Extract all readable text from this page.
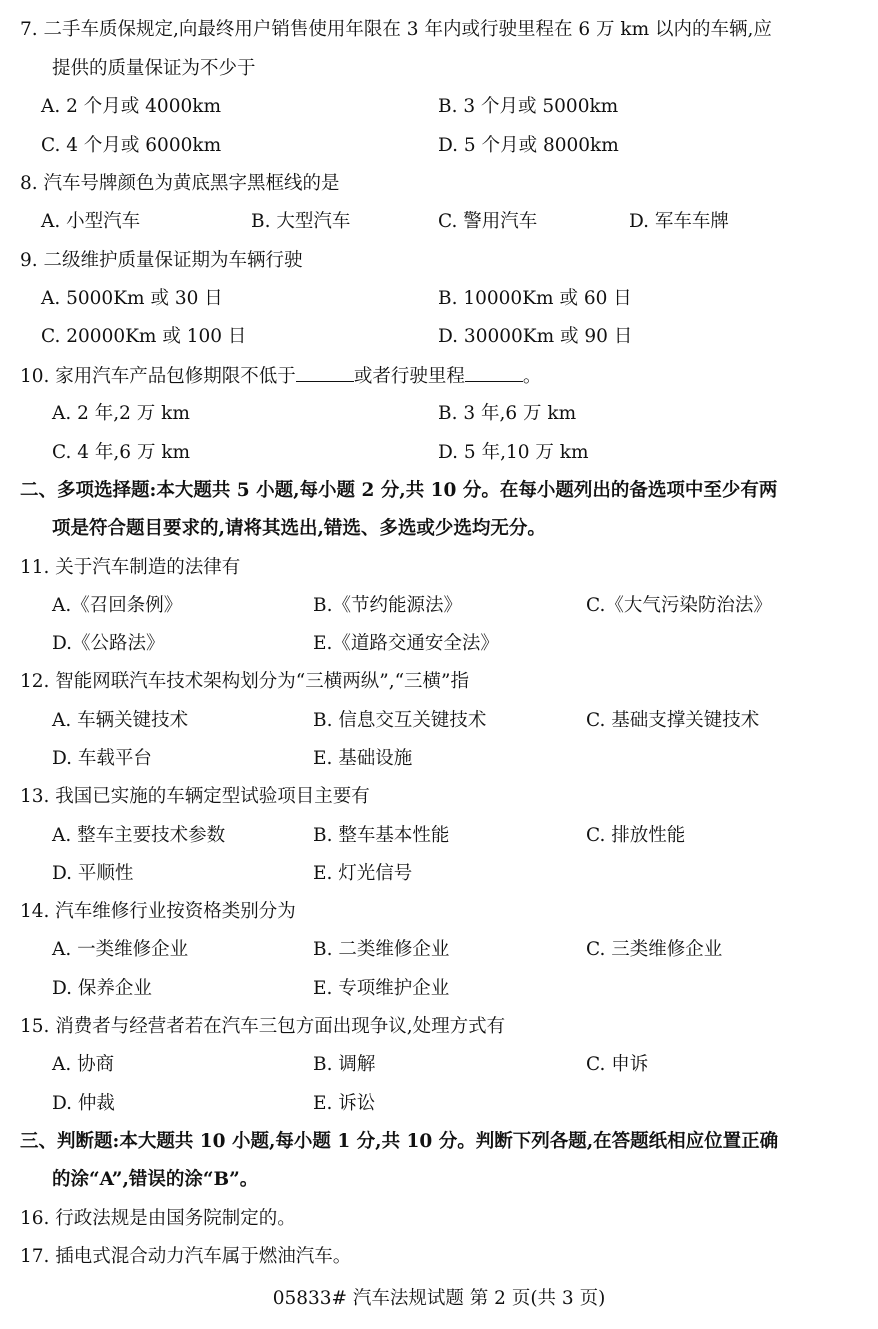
7. 二手车质保规定,向最终用户销售使用年限在 3 年内或行驶里程在 6 万 km 以内的车辆,应
提供的质量保证为不少于
A. 2 个月或 4000km	B. 3 个月或 5000km
C. 4 个月或 6000km	D. 5 个月或 8000km
8. 汽车号牌颜色为黄底黑字黑框线的是
A. 小型汽车	B. 大型汽车	C. 警用汽车	D. 军车车牌
9. 二级维护质量保证期为车辆行驶
A. 5000Km 或 30 日	B. 10000Km 或 60 日
C. 20000Km 或 100 日	D. 30000Km 或 90 日
10. 家用汽车产品包修期限不低于	或者行驶里程	。
A. 2 年,2 万 km	B. 3 年,6 万 km
C. 4 年,6 万 km	D. 5 年,10 万 km
二、多项选择题:本大题共 5 小题,每小题 2 分,共 10 分。在每小题列出的备选项中至少有两
项是符合题目要求的,请将其选出,错选、多选或少选均无分。
11. 关于汽车制造的法律有
A.《召回条例》	B.《节约能源法》	C.《大气污染防治法》
D.《公路法》	E.《道路交通安全法》
12. 智能网联汽车技术架构划分为“三横两纵”,“三横”指
A. 车辆关键技术	B. 信息交互关键技术	C. 基础支撑关键技术
D. 车载平台	E. 基础设施
13. 我国已实施的车辆定型试验项目主要有
A. 整车主要技术参数	B. 整车基本性能	C. 排放性能
D. 平顺性	E. 灯光信号
14. 汽车维修行业按资格类别分为
A. 一类维修企业	B. 二类维修企业	C. 三类维修企业
D. 保养企业	E. 专项维护企业
15. 消费者与经营者若在汽车三包方面出现争议,处理方式有
A. 协商	B. 调解	C. 申诉
D. 仲裁	E. 诉讼
三、判断题:本大题共 10 小题,每小题 1 分,共 10 分。判断下列各题,在答题纸相应位置正确
的涂“A”,错误的涂“B”。
16. 行政法规是由国务院制定的。
17. 插电式混合动力汽车属于燃油汽车。
05833# 汽车法规试题 第 2 页(共 3 页)
